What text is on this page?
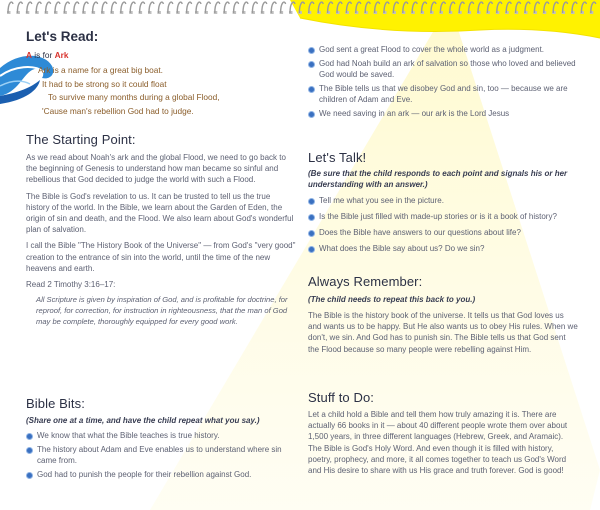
Let's Read:

A is for Ark

Ark is a name for a great big boat.

It had to be strong so it could float

To survive many months during a global Flood,

'Cause man's rebellion God had to judge.

The Starting Point:

As we read about Noah's ark and the global Flood, we need to go back to the beginning of Genesis to understand how man became so sinful and rebellious that God decided to judge the world with such a Flood.

The Bible is God's revelation to us. It can be trusted to tell us the true history of the world. In the Bible, we learn about the Garden of Eden, the origin of sin and death, and the Flood. We also learn about God's wonderful plan of salvation.

I call the Bible "The History Book of the Universe" — from God's "very good" creation to the entrance of sin into the world, until the time of the new heavens and earth.

Read 2 Timothy 3:16–17:

All Scripture is given by inspiration of God, and is profitable for doctrine, for reproof, for correction, for instruction in righteousness, that the man of God may be complete, thoroughly equipped for every good work.

Bible Bits:

(Share one at a time, and have the child repeat what you say.)

We know that what the Bible teaches is true history.
The history about Adam and Eve enables us to understand where sin came from.
God had to punish the people for their rebellion against God.
God sent a great Flood to cover the whole world as a judgment.
God had Noah build an ark of salvation so those who loved and believed God would be saved.
The Bible tells us that we disobey God and sin, too — because we are children of Adam and Eve.
We need saving in an ark — our ark is the Lord Jesus
Let's Talk!

(Be sure that the child responds to each point and signals his or her understanding with an answer.)

Tell me what you see in the picture.
Is the Bible just filled with made-up stories or is it a book of history?
Does the Bible have answers to our questions about life?
What does the Bible say about us? Do we sin?
Always Remember:

(The child needs to repeat this back to you.)

The Bible is the history book of the universe. It tells us that God loves us and wants us to be happy. But He also wants us to obey His rules. When we don't, we sin. And God has to punish sin. The Bible tells us that God sent the Flood because so many people were rebelling against Him.

Stuff to Do:

Let a child hold a Bible and tell them how truly amazing it is. There are actually 66 books in it — about 40 different people wrote them over about 1,500 years, in three different languages (Hebrew, Greek, and Aramaic). The Bible is God's Holy Word. And even though it is filled with history, poetry, prophecy, and more, it all comes together to teach us God's Word and His desire to share with us His grace and truth forever. God is good!
